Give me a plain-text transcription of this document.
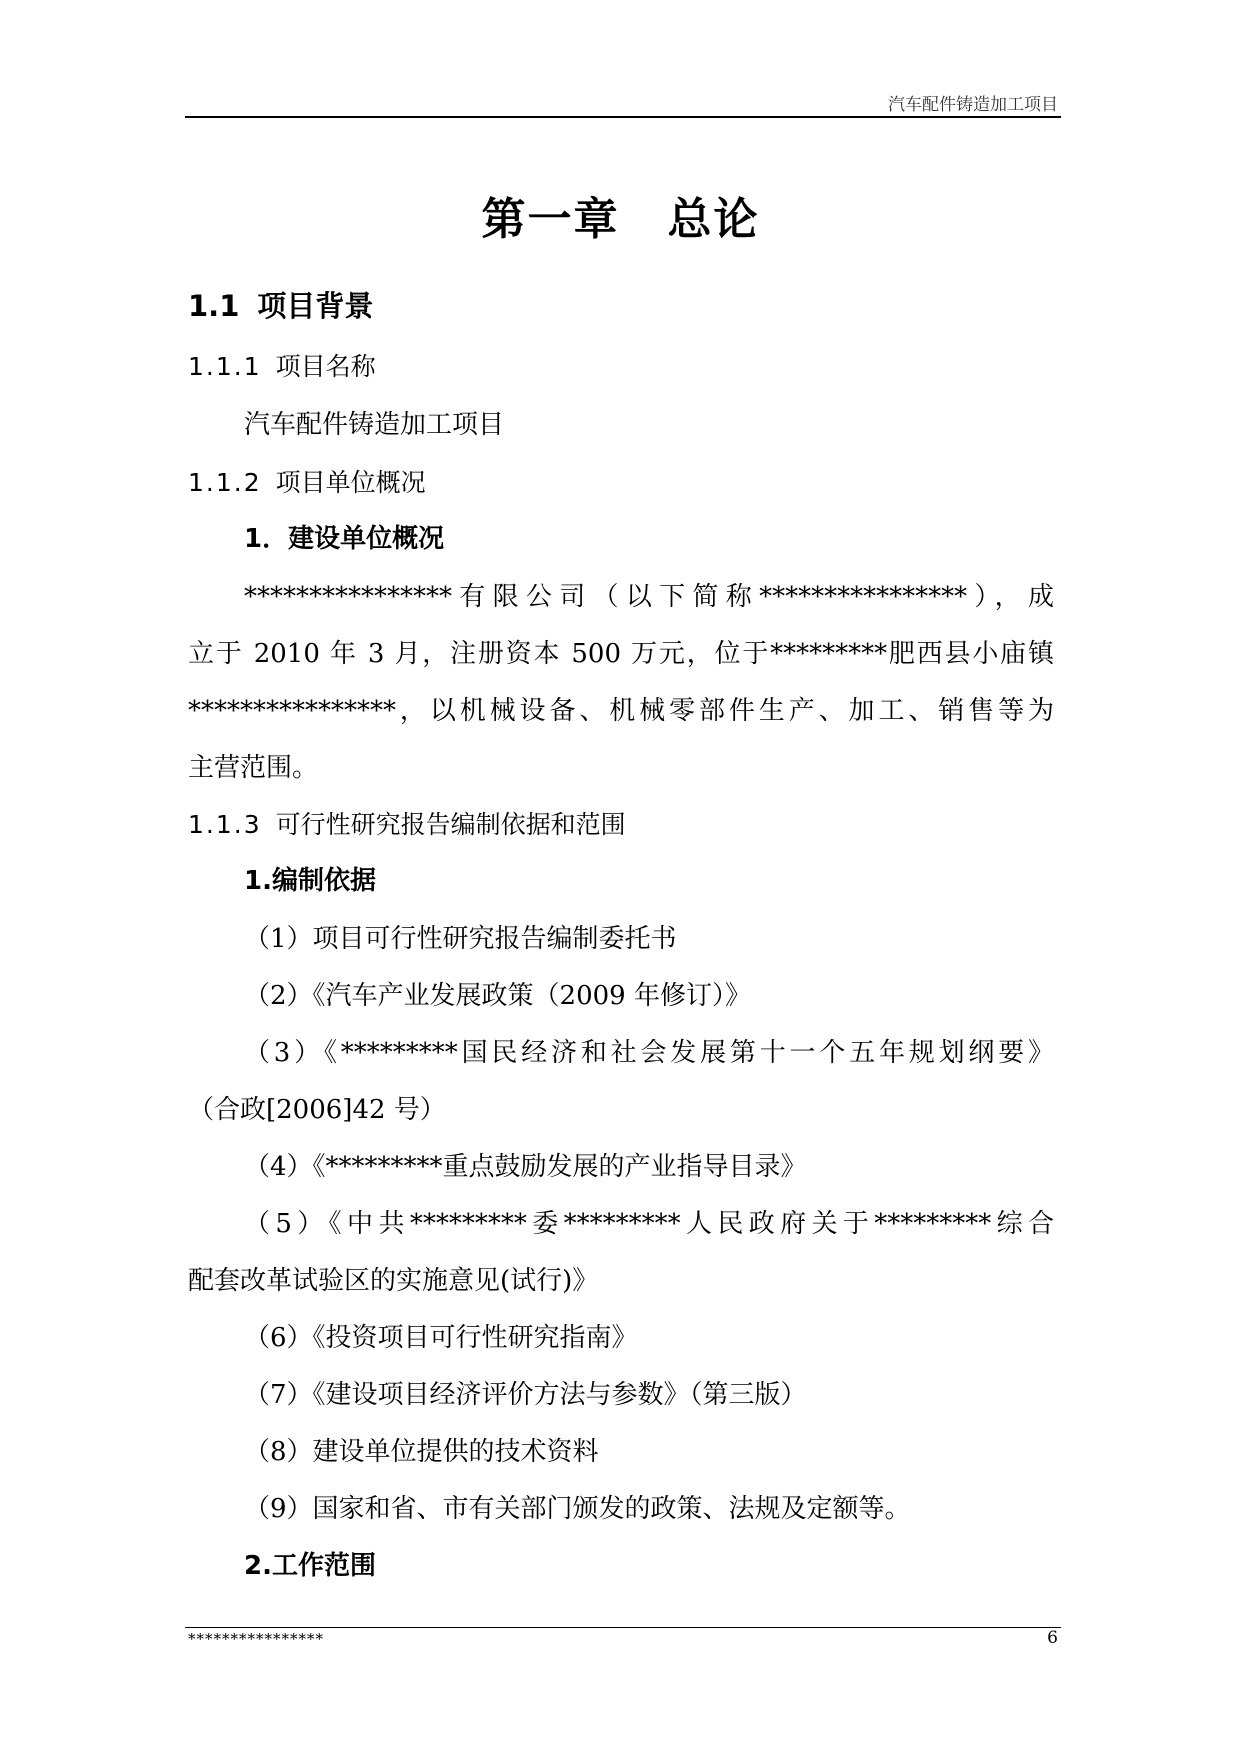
汽车配件铸造加工项目
第一章 总论
1.1 项目背景
1.1.1 项目名称
汽车配件铸造加工项目
1.1.2 项目单位概况
1．建设单位概况
****************有限公司（以下简称****************），成
立于 2010 年 3 月，注册资本 500 万元，位于*********肥西县小庙镇
****************，以机械设备、机械零部件生产、加工、销售等为
主营范围。
1.1.3 可行性研究报告编制依据和范围
1.编制依据
（1）项目可行性研究报告编制委托书
（2）《汽车产业发展政策（2009 年修订）》
（3）《*********国民经济和社会发展第十一个五年规划纲要》
（合政[2006]42 号）
（4）《*********重点鼓励发展的产业指导目录》
（5）《中共*********委*********人民政府关于*********综合
配套改革试验区的实施意见(试行)》
（6）《投资项目可行性研究指南》
（7）《建设项目经济评价方法与参数》（第三版）
（8）建设单位提供的技术资料
（9）国家和省、市有关部门颁发的政策、法规及定额等。
2.工作范围
****************	6
